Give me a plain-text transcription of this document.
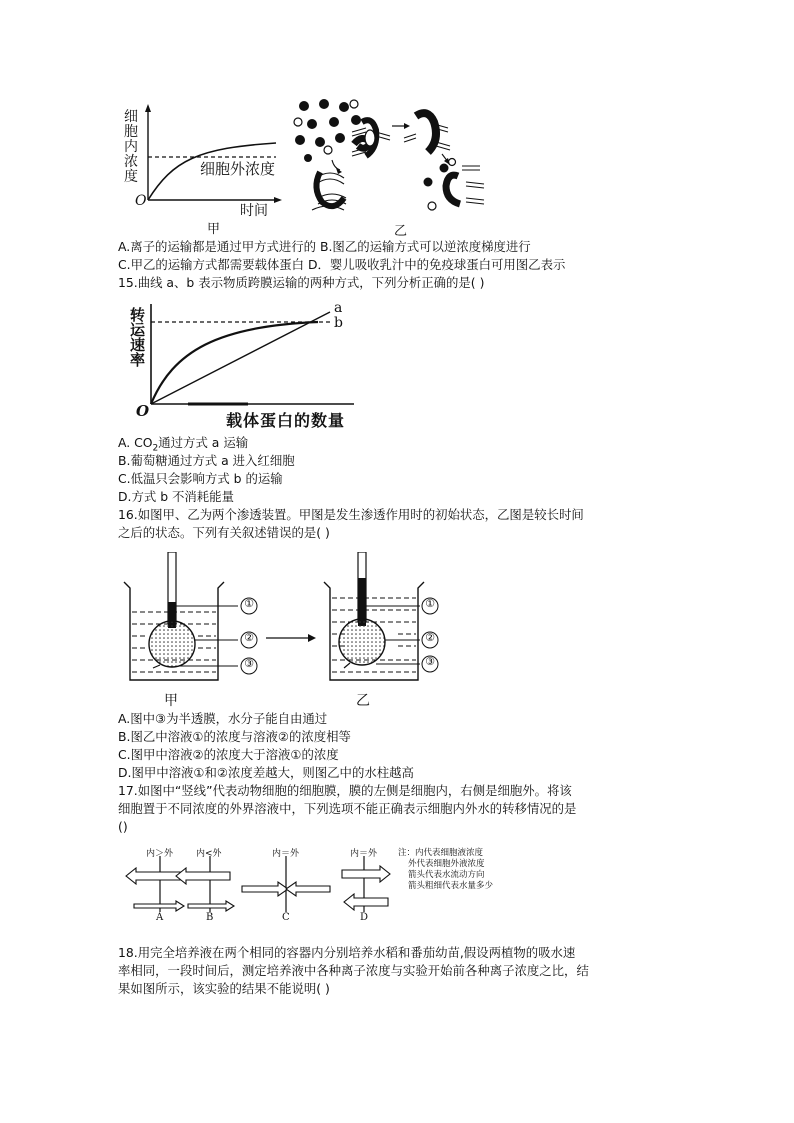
细
胞
内
浓
度	细胞外浓度
O
时间
甲	乙
A.离子的运输都是通过甲方式进行的 B.图乙的运输方式可以逆浓度梯度进行
C.甲乙的运输方式都需要载体蛋白 D．婴儿吸收乳汁中的免疫球蛋白可用图乙表示
15.曲线 a、b 表示物质跨膜运输的两种方式，下列分析正确的是( )
转
运
速
率
a
b
O	载体蛋白的数量
A. $CO_2$通过方式 a 运输
B.葡萄糖通过方式 a 进入红细胞
C.低温只会影响方式 b 的运输
D.方式 b 不消耗能量
16.如图甲、乙为两个渗透装置。甲图是发生渗透作用时的初始状态，乙图是较长时间
之后的状态。下列有关叙述错误的是( )
①
②
③
①
②
③
甲	乙
A.图中③为半透膜，水分子能自由通过
B.图乙中溶液①的浓度与溶液②的浓度相等
C.图甲中溶液②的浓度大于溶液①的浓度
D.图甲中溶液①和②浓度差越大，则图乙中的水柱越高
17.如图中“竖线”代表动物细胞的细胞膜，膜的左侧是细胞内，右侧是细胞外。将该
细胞置于不同浓度的外界溶液中，下列选项不能正确表示细胞内外水的转移情况的是
()
内＞外	内<外	内＝外	内＝外
A	B	C	D
注：内代表细胞液浓度
外代表细胞外液浓度
箭头代表水流动方向
箭头粗细代表水量多少
18.用完全培养液在两个相同的容器内分别培养水稻和番茄幼苗,假设两植物的吸水速
率相同，一段时间后，测定培养液中各种离子浓度与实验开始前各种离子浓度之比，结
果如图所示，该实验的结果不能说明( )
